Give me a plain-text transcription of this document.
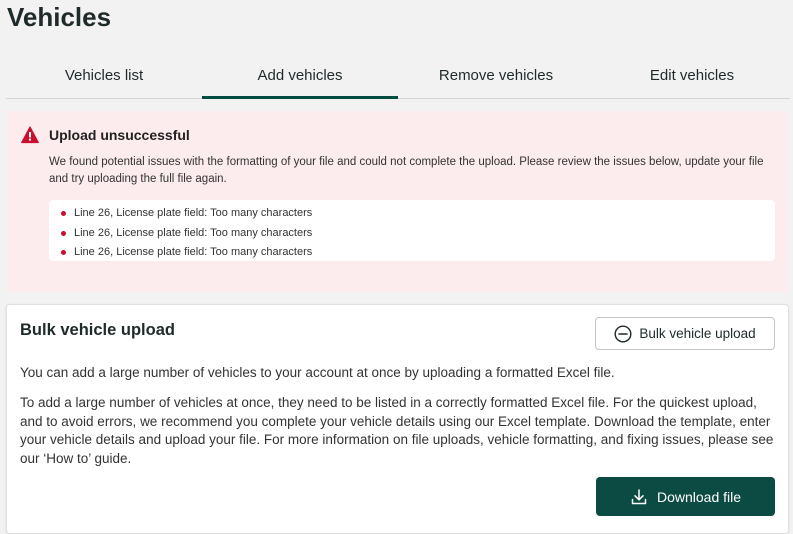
Vehicles
Vehicles list	Add vehicles	Remove vehicles	Edit vehicles
Upload unsuccessful
We found potential issues with the formatting of your file and could not complete the upload. Please review the issues below, update your file and try uploading the full file again.
Line 26, License plate field: Too many characters
Line 26, License plate field: Too many characters
Line 26, License plate field: Too many characters
Bulk vehicle upload	Bulk vehicle upload
You can add a large number of vehicles to your account at once by uploading a formatted Excel file.
To add a large number of vehicles at once, they need to be listed in a correctly formatted Excel file. For the quickest upload, and to avoid errors, we recommend you complete your vehicle details using our Excel template. Download the template, enter your vehicle details and upload your file. For more information on file uploads, vehicle formatting, and fixing issues, please see our ‘How to’ guide.
Download file
